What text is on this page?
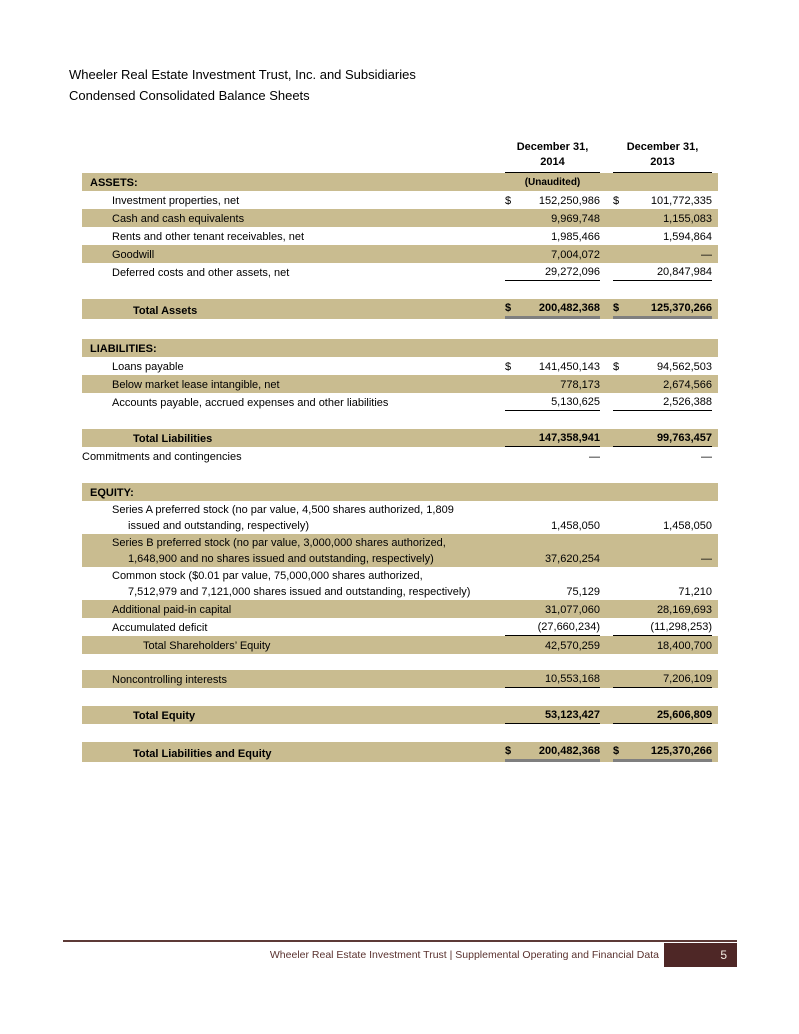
Wheeler Real Estate Investment Trust, Inc. and Subsidiaries
Condensed Consolidated Balance Sheets
December 31,
2014
December 31,
2013
ASSETS:	(Unaudited)
Investment properties, net	$	152,250,986 $	101,772,335
Cash and cash equivalents	9,969,748	1,155,083
Rents and other tenant receivables, net	1,985,466	1,594,864
Goodwill	7,004,072	—
Deferred costs and other assets, net	29,272,096	20,847,984
Total Assets	$	200,482,368 $	125,370,266
LIABILITIES:
Loans payable	$	141,450,143 $	94,562,503
Below market lease intangible, net	778,173	2,674,566
Accounts payable, accrued expenses and other liabilities	5,130,625	2,526,388
Total Liabilities	147,358,941	99,763,457
Commitments and contingencies	—	—
EQUITY:
Series A preferred stock (no par value, 4,500 shares authorized, 1,809
issued and outstanding, respectively)	1,458,050	1,458,050
Series B preferred stock (no par value, 3,000,000 shares authorized,
1,648,900 and no shares issued and outstanding, respectively)	37,620,254	—
Common stock ($0.01 par value, 75,000,000 shares authorized,
7,512,979 and 7,121,000 shares issued and outstanding, respectively)	75,129	71,210
Additional paid-in capital	31,077,060	28,169,693
Accumulated deficit	(27,660,234)	(11,298,253)
Total Shareholders’ Equity	42,570,259	18,400,700
Noncontrolling interests	10,553,168	7,206,109
Total Equity	53,123,427	25,606,809
Total Liabilities and Equity	$	200,482,368 $	125,370,266
Wheeler Real Estate Investment Trust | Supplemental Operating and Financial Data	5
